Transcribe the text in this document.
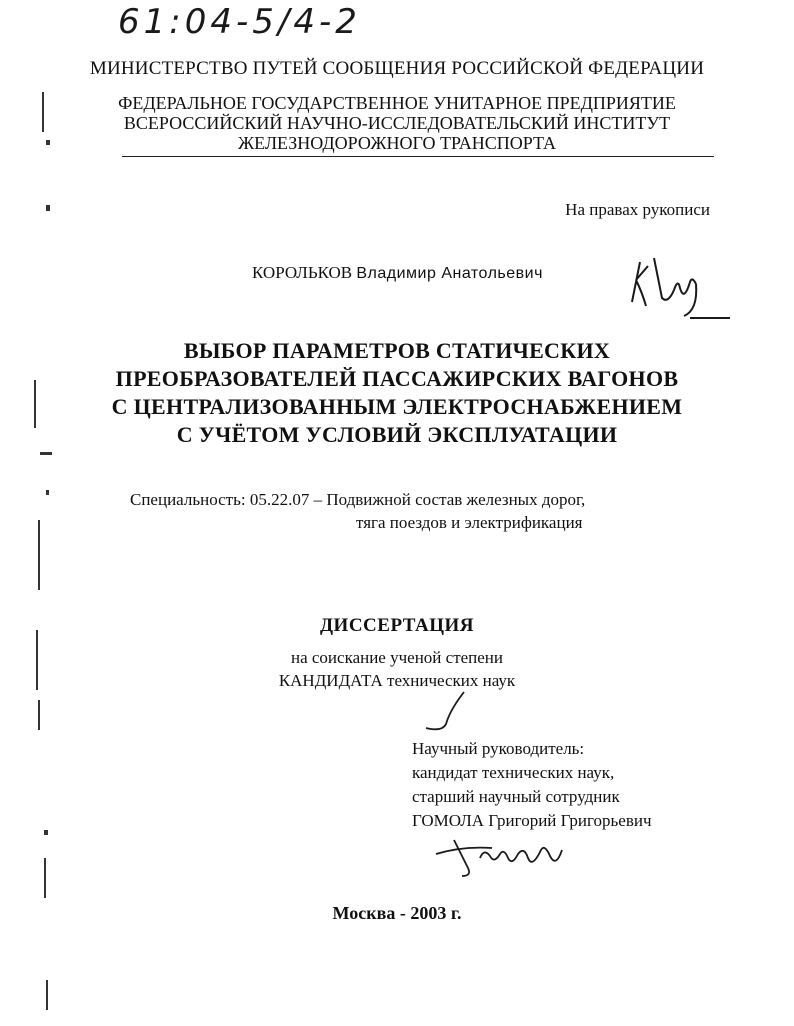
61:04-5/4-2
МИНИСТЕРСТВО ПУТЕЙ СООБЩЕНИЯ РОССИЙСКОЙ ФЕДЕРАЦИИ
ФЕДЕРАЛЬНОЕ ГОСУДАРСТВЕННОЕ УНИТАРНОЕ ПРЕДПРИЯТИЕ
ВСЕРОССИЙСКИЙ НАУЧНО-ИССЛЕДОВАТЕЛЬСКИЙ ИНСТИТУТ
ЖЕЛЕЗНОДОРОЖНОГО ТРАНСПОРТА
На правах рукописи
КОРОЛЬКОВ Владимир Анатольевич
ВЫБОР ПАРАМЕТРОВ СТАТИЧЕСКИХ
ПРЕОБРАЗОВАТЕЛЕЙ ПАССАЖИРСКИХ ВАГОНОВ
С ЦЕНТРАЛИЗОВАННЫМ ЭЛЕКТРОСНАБЖЕНИЕМ
С УЧЁТОМ УСЛОВИЙ ЭКСПЛУАТАЦИИ
Специальность: 05.22.07 – Подвижной состав железных дорог,
тяга поездов и электрификация
ДИССЕРТАЦИЯ
на соискание ученой степени
КАНДИДАТА технических наук
Научный руководитель:
кандидат технических наук,
старший научный сотрудник
ГОМОЛА Григорий Григорьевич
Москва - 2003 г.
